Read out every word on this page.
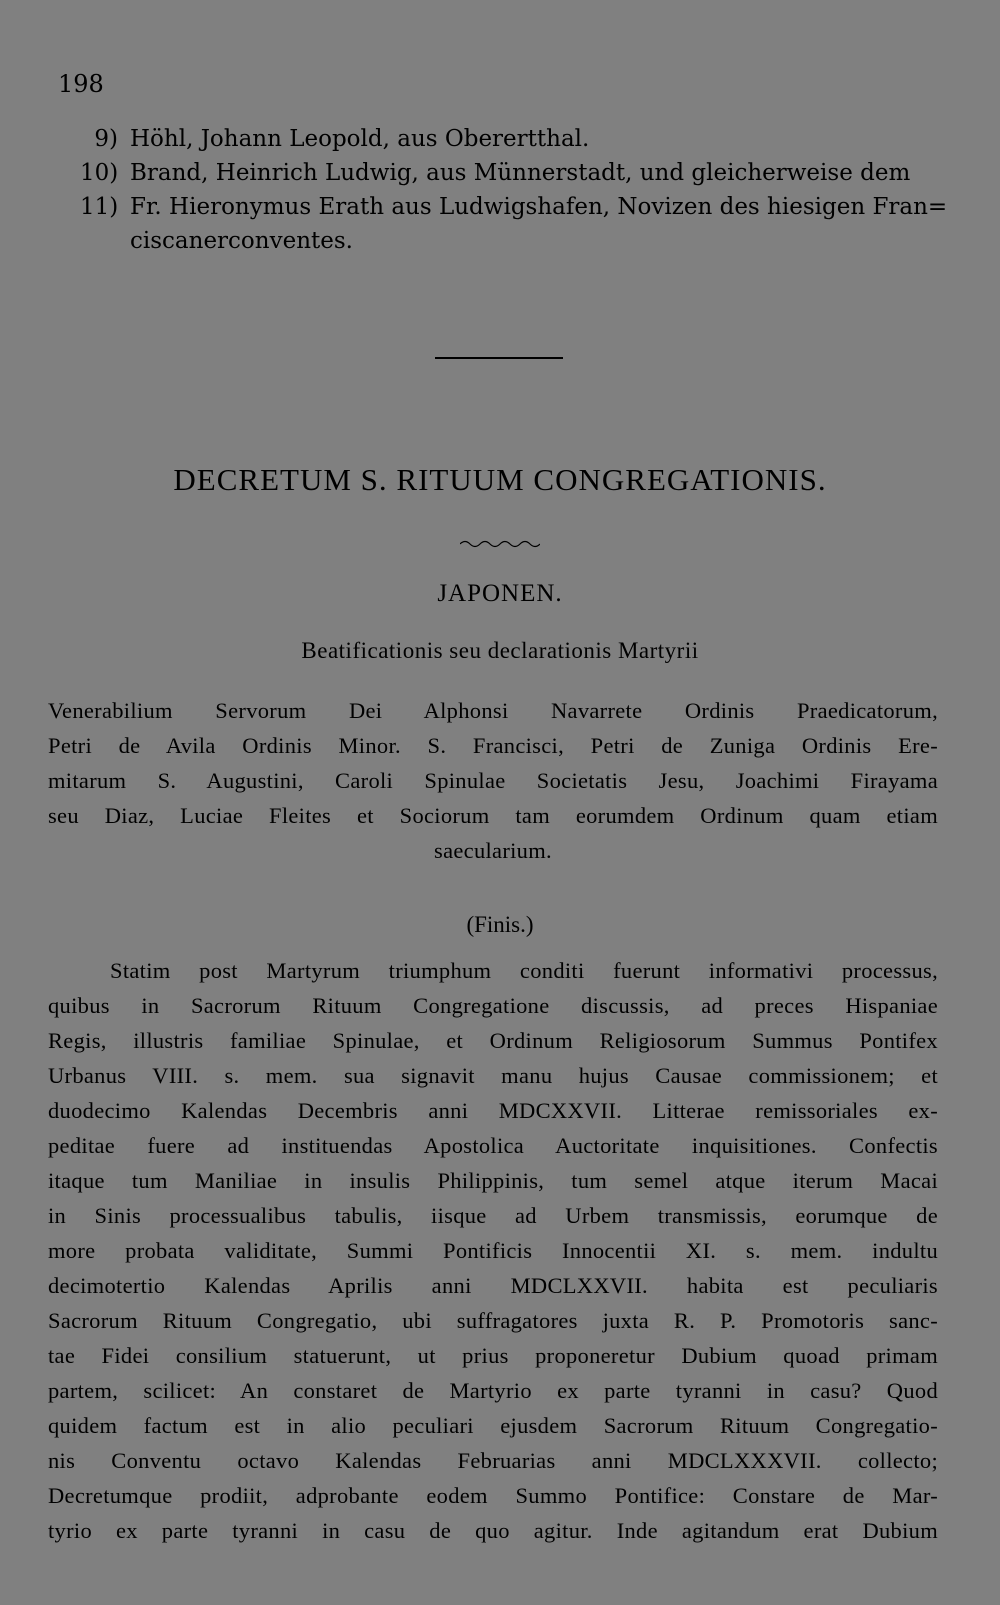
198
9) Höhl, Johann Leopold, aus Oberertthal.
10) Brand, Heinrich Ludwig, aus Münnerstadt, und gleicherweise dem
11) Fr. Hieronymus Erath aus Ludwigshafen, Novizen des hiesigen Fran=
ciscanerconventes.
DECRETUM S. RITUUM CONGREGATIONIS.
JAPONEN.
Beatificationis seu declarationis Martyrii
Venerabilium Servorum Dei Alphonsi Navarrete Ordinis Praedicatorum,
Petri de Avila Ordinis Minor. S. Francisci, Petri de Zuniga Ordinis Ere-
mitarum S. Augustini, Caroli Spinulae Societatis Jesu, Joachimi Firayama
seu Diaz, Luciae Fleites et Sociorum tam eorumdem Ordinum quam etiam
saecularium.
(Finis.)
Statim post Martyrum triumphum conditi fuerunt informativi processus,
quibus in Sacrorum Rituum Congregatione discussis, ad preces Hispaniae
Regis, illustris familiae Spinulae, et Ordinum Religiosorum Summus Pontifex
Urbanus VIII. s. mem. sua signavit manu hujus Causae commissionem; et
duodecimo Kalendas Decembris anni MDCXXVII. Litterae remissoriales ex-
peditae fuere ad instituendas Apostolica Auctoritate inquisitiones. Confectis
itaque tum Maniliae in insulis Philippinis, tum semel atque iterum Macai
in Sinis processualibus tabulis, iisque ad Urbem transmissis, eorumque de
more probata validitate, Summi Pontificis Innocentii XI. s. mem. indultu
decimotertio Kalendas Aprilis anni MDCLXXVII. habita est peculiaris
Sacrorum Rituum Congregatio, ubi suffragatores juxta R. P. Promotoris sanc-
tae Fidei consilium statuerunt, ut prius proponeretur Dubium quoad primam
partem, scilicet: An constaret de Martyrio ex parte tyranni in casu? Quod
quidem factum est in alio peculiari ejusdem Sacrorum Rituum Congregatio-
nis Conventu octavo Kalendas Februarias anni MDCLXXXVII. collecto;
Decretumque prodiit, adprobante eodem Summo Pontifice: Constare de Mar-
tyrio ex parte tyranni in casu de quo agitur. Inde agitandum erat Dubium
